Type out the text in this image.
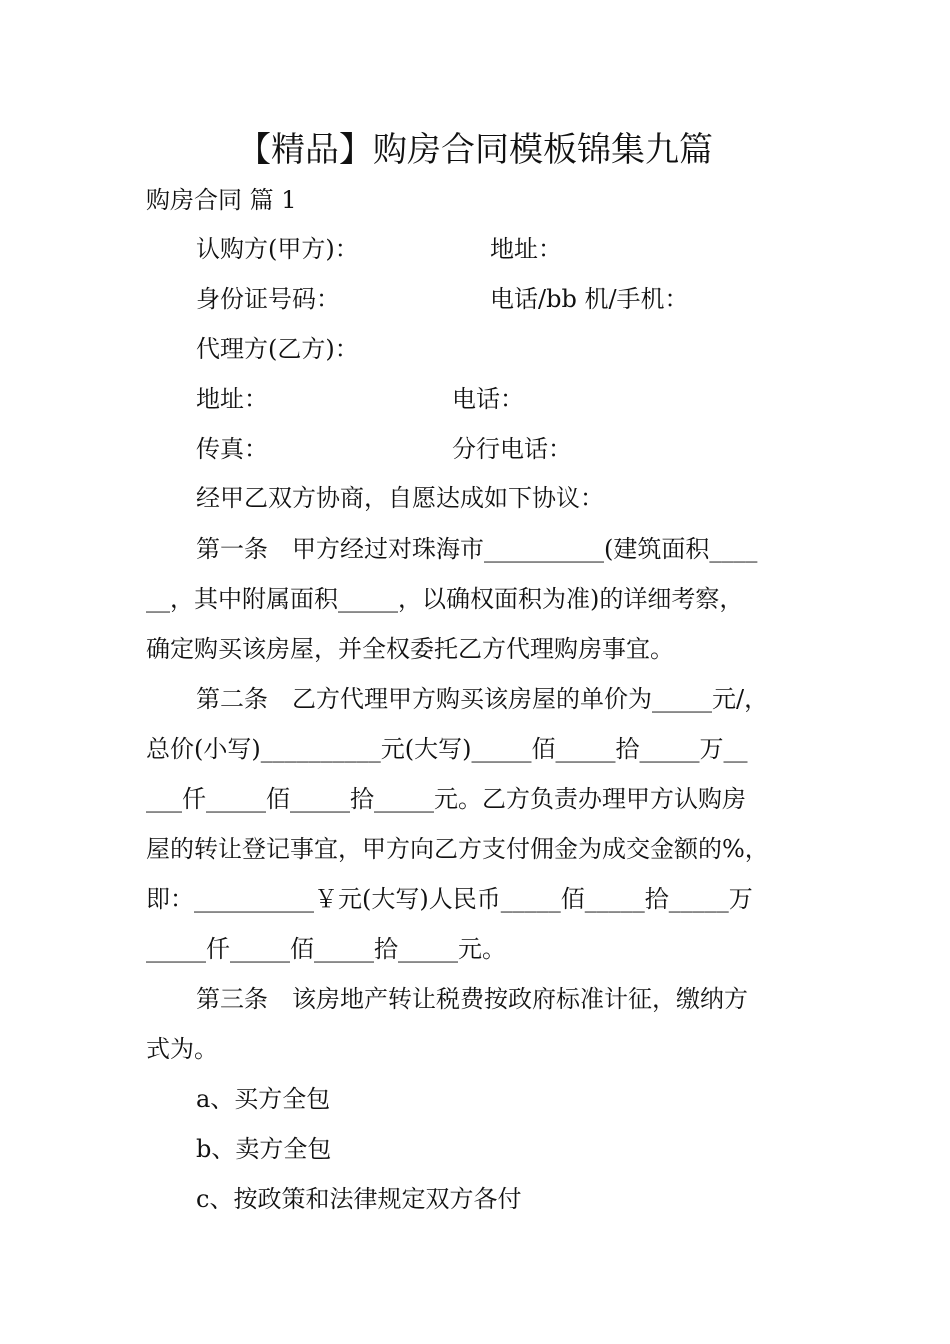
【精品】购房合同模板锦集九篇

购房合同 篇 1

认购方(甲方)：	地址：

身份证号码：	电话/bb 机/手机：

代理方(乙方)：

地址：	电话：

传真：	分行电话：

经甲乙双方协商，自愿达成如下协议：

第一条　甲方经过对珠海市__________(建筑面积____

__，其中附属面积_____，以确权面积为准)的详细考察，

确定购买该房屋，并全权委托乙方代理购房事宜。

第二条　乙方代理甲方购买该房屋的单价为_____元/，

总价(小写)__________元(大写)_____佰_____拾_____万__

___仟_____佰_____拾_____元。乙方负责办理甲方认购房

屋的转让登记事宜，甲方向乙方支付佣金为成交金额的%，

即：__________￥元(大写)人民币_____佰_____拾_____万

_____仟_____佰_____拾_____元。

第三条　该房地产转让税费按政府标准计征，缴纳方

式为。

a、买方全包

b、卖方全包

c、按政策和法律规定双方各付
